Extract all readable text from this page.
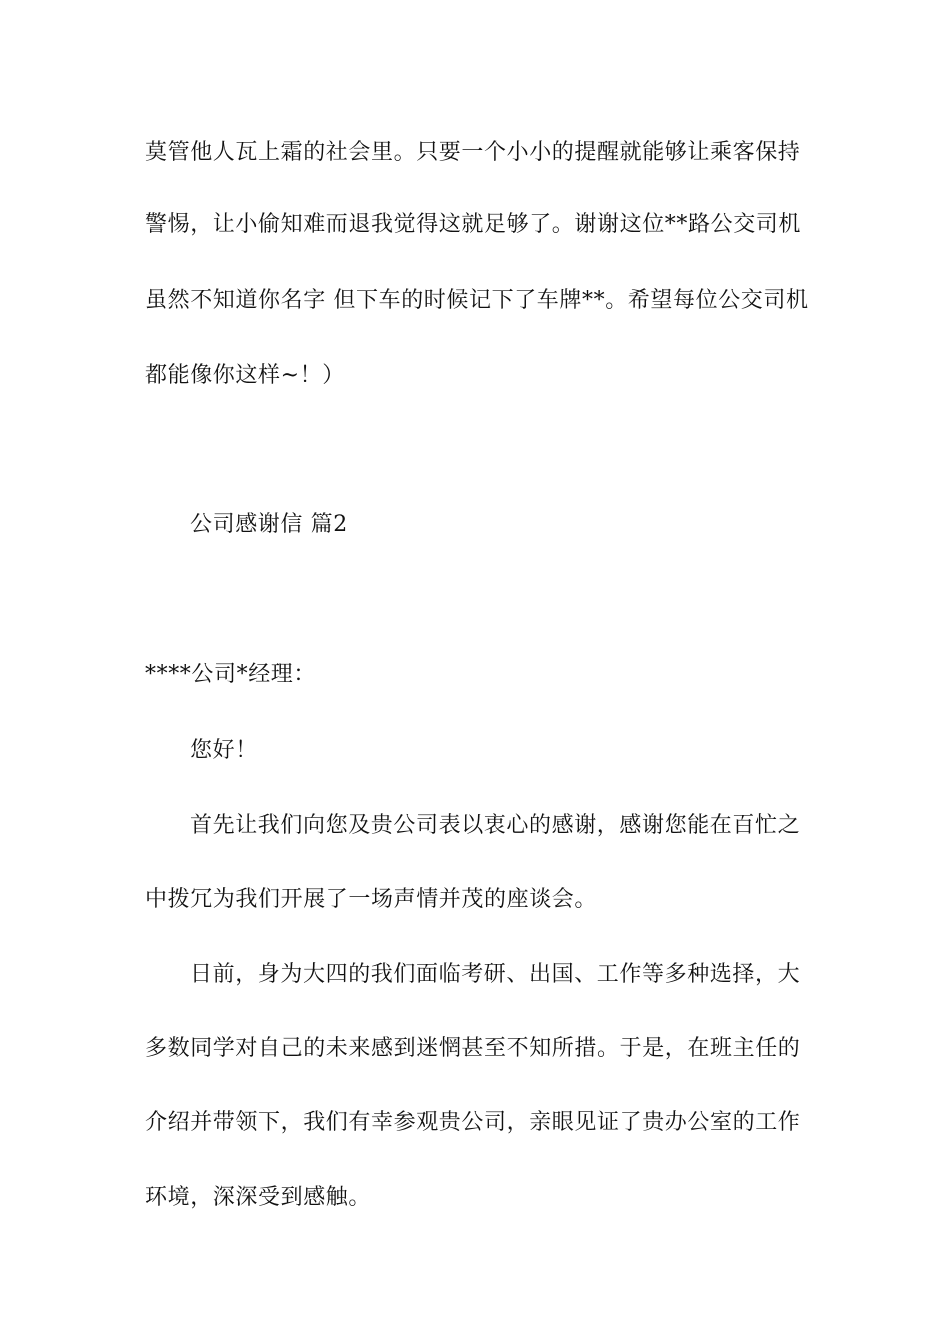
莫管他人瓦上霜的社会里。只要一个小小的提醒就能够让乘客保持
警惕，让小偷知难而退我觉得这就足够了。谢谢这位**路公交司机
虽然不知道你名字 但下车的时候记下了车牌**。希望每位公交司机
都能像你这样~！）
公司感谢信 篇2
****公司*经理：
您好！
首先让我们向您及贵公司表以衷心的感谢，感谢您能在百忙之
中拨冗为我们开展了一场声情并茂的座谈会。
日前，身为大四的我们面临考研、出国、工作等多种选择，大
多数同学对自己的未来感到迷惘甚至不知所措。于是，在班主任的
介绍并带领下，我们有幸参观贵公司，亲眼见证了贵办公室的工作
环境，深深受到感触。
